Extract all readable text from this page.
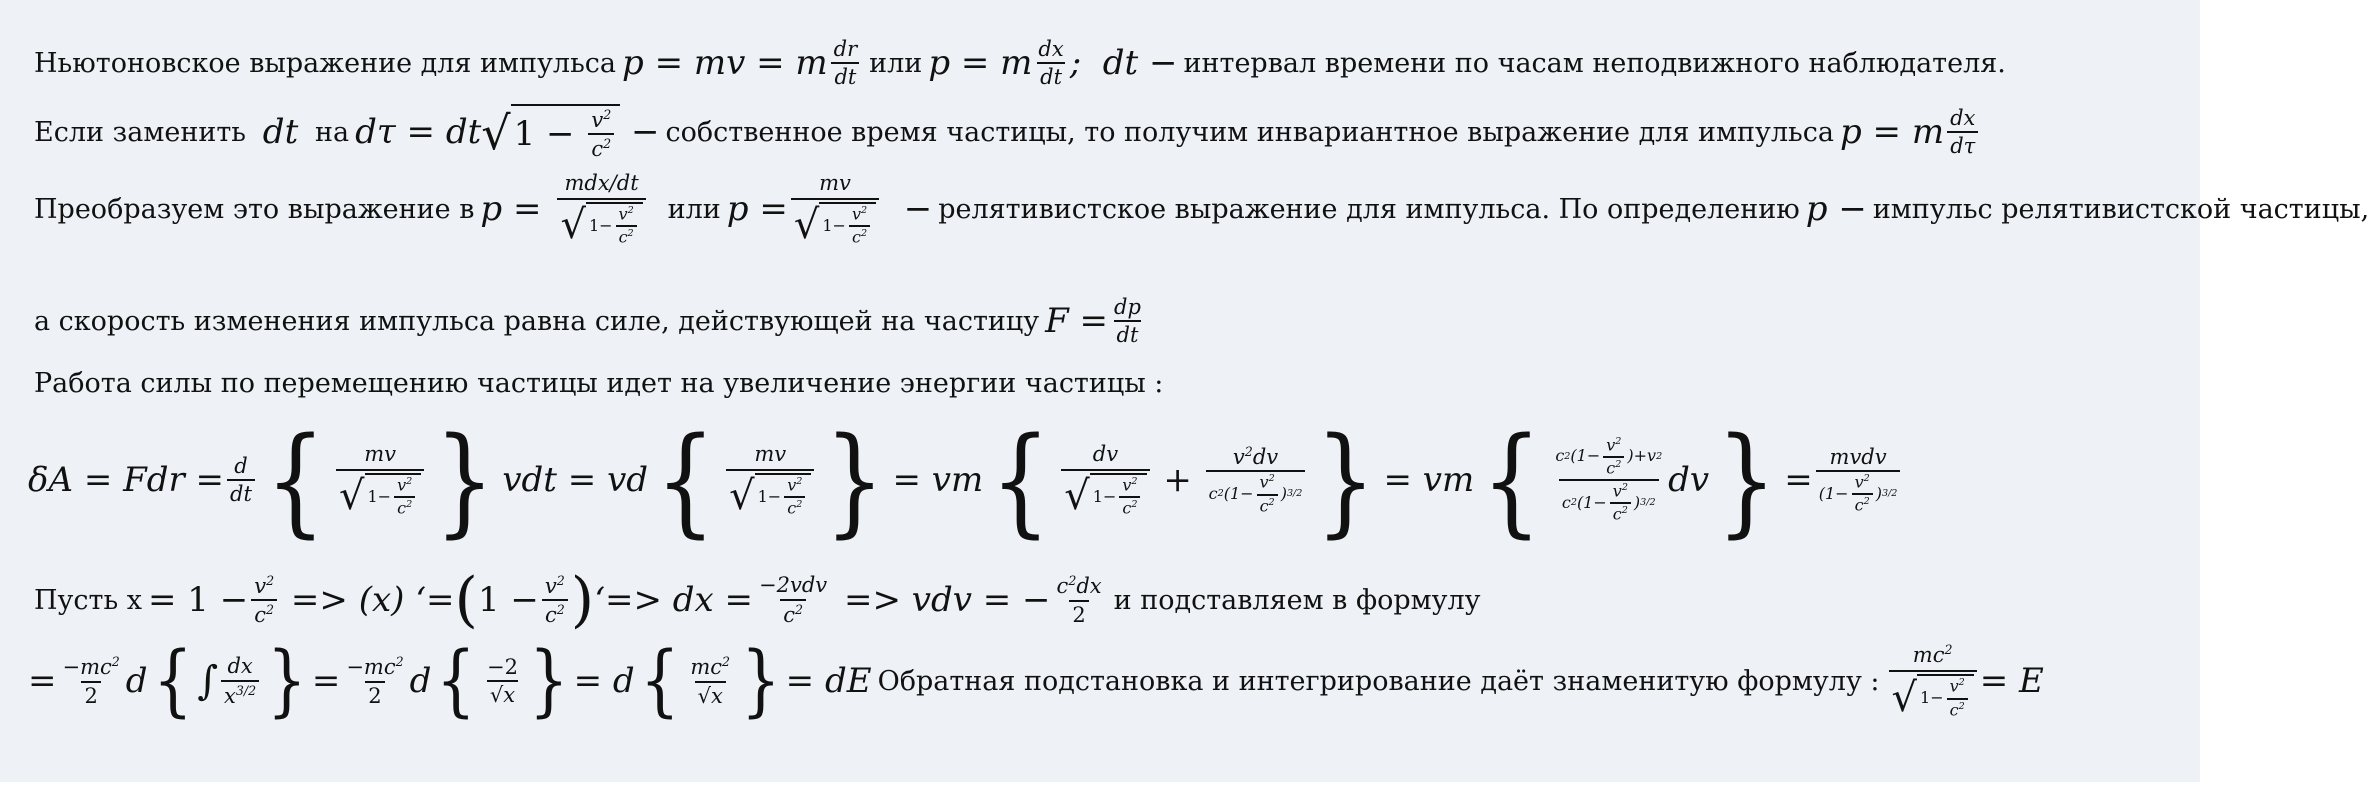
Ньютоновское выражение для импульса p = mv = m $\frac{dr}{dt}$ или p = m $\frac{dx}{dt}$ ;  dt − интервал времени по часам неподвижного наблюдателя.
Если заменить dt на dτ = dt √ $1 - \frac{v^2}{c^2}$ − собственное время частицы, то получим инвариантное выражение для импульса p = m $\frac{dx}{d\tau}$
Преобразуем это выражение в $p = \frac{\text{mdx/dt}}{√ 1- \frac{v^2}{c^2}}$ или $p = \frac{mv}{√ 1- \frac{v^2}{c^2}}$ − релятивистское выражение для импульса. По определению p − импульс релятивистской частицы,
а скорость изменения импульса равна силе, действующей на частицу $F = \frac{dp}{dt}$
Работа силы по перемещению частицы идет на увеличение энергии частицы :
δA = Fdr = $\frac{d}{dt}$ { $\frac{mv}{√ 1- \frac{v^2}{c^2}}$ } vdt = vd { $\frac{mv}{√ 1- \frac{v^2}{c^2}}$ } = vm { $\frac{dv}{√ 1- \frac{v^2}{c^2}} + \frac{v^2dv}{c 2 (1- \frac{v^2}{c^2} ) 3/2}$ } = vm { $\frac{c 2 (1- \frac{v^2}{c^2} )+v 2}{c 2 (1- \frac{v^2}{c^2} ) 3/2}$ dv } = $\frac{\text{mvdv}}{(1- \frac{v^2}{c^2} ) 3/2}$
Пусть $x = 1 - \frac{v^2}{c^2} => (x)$ ‘= ( $1 - \frac{v^2}{c^2}$ ) ‘=> dx = $\frac{\text{−2vdv}}{c^2}$ => vdv = − $\frac{c^2dx}{2}$ и подставляем в формулу
= $\frac{-mc^2}{2}$ d { ∫ $\frac{dx}{x^{3/2}}$ } = $\frac{-mc^2}{2}$ d { $\frac{-2}{√x}$ } = d { $\frac{mc^2}{√x}$ } = dE Обратная подстановка и интегрирование даёт знаменитую формулу : $\frac{mc^2}{√ 1- \frac{v^2}{c^2}} = E$
